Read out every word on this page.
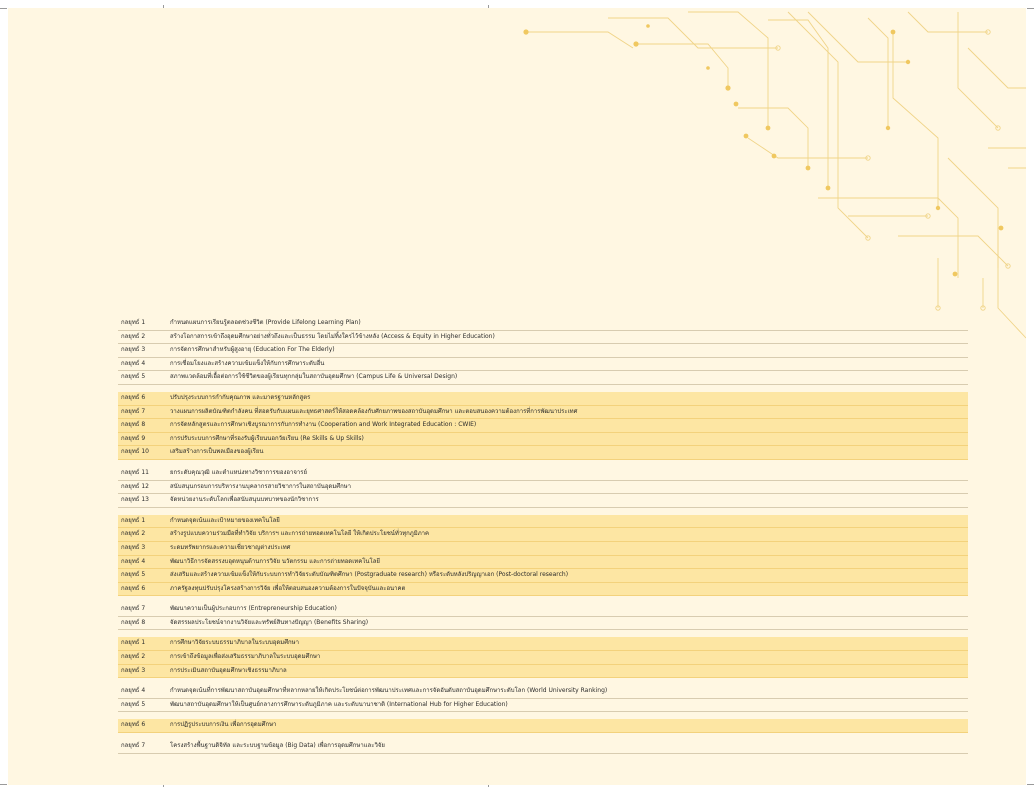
กลยุทธ์ 1	กำหนดแผนการเรียนรู้ตลอดช่วงชีวิต (Provide Lifelong Learning Plan)
กลยุทธ์ 2	สร้างโอกาสการเข้าถึงอุดมศึกษาอย่างทั่วถึงและเป็นธรรม โดยไม่ทิ้งใครไว้ข้างหลัง (Access & Equity in Higher Education)
กลยุทธ์ 3	การจัดการศึกษาสำหรับผู้สูงอายุ (Education For The Elderly)
กลยุทธ์ 4	การเชื่อมโยงและสร้างความเข้มแข็งให้กับการศึกษาระดับอื่น
กลยุทธ์ 5	สภาพแวดล้อมที่เอื้อต่อการใช้ชีวิตของผู้เรียนทุกกลุ่มในสถาบันอุดมศึกษา (Campus Life & Universal Design)
กลยุทธ์ 6	ปรับปรุงระบบการกำกับคุณภาพ และมาตรฐานหลักสูตร
กลยุทธ์ 7	วางแผนการผลิตบัณฑิตกำลังคน ที่สอดรับกับแผนและยุทธศาสตร์ให้สอดคล้องกับศักยภาพของสถาบันอุดมศึกษา และตอบสนองความต้องการที่การพัฒนาประเทศ
กลยุทธ์ 8	การจัดหลักสูตรและการศึกษาเชิงบูรณาการกับการทำงาน (Cooperation and Work Integrated Education : CWIE)
กลยุทธ์ 9	การปรับระบบการศึกษาที่รองรับผู้เรียนนอกวัยเรียน (Re Skills & Up Skills)
กลยุทธ์ 10	เสริมสร้างการเป็นพลเมืองของผู้เรียน
กลยุทธ์ 11	ยกระดับคุณวุฒิ และตำแหน่งทางวิชาการของอาจารย์
กลยุทธ์ 12	สนับสนุนกรอบการบริหารงานบุคลากรสายวิชาการในสถาบันอุดมศึกษา
กลยุทธ์ 13	จัดหน่วยงานระดับโลกเพื่อสนับสนุนบทบาทของนักวิชาการ
กลยุทธ์ 1	กำหนดจุดเน้นและเป้าหมายของเทคโนโลยี
กลยุทธ์ 2	สร้างรูปแบบความร่วมมือที่ทำวิจัย บริการฯ และการถ่ายทอดเทคโนโลยี ให้เกิดประโยชน์ทั่วทุกภูมิภาค
กลยุทธ์ 3	ระดมทรัพยากรและความเชี่ยวชาญต่างประเทศ
กลยุทธ์ 4	พัฒนาวิธีการจัดสรรงบอุดหนุนด้านการวิจัย นวัตกรรม และการถ่ายทอดเทคโนโลยี
กลยุทธ์ 5	ส่งเสริมและสร้างความเข้มแข็งให้กับระบบการทำวิจัยระดับบัณฑิตศึกษา (Postgraduate research) หรือระดับหลังปริญญาเอก (Post-doctoral research)
กลยุทธ์ 6	ภาครัฐลงทุนปรับปรุงโครงสร้างการวิจัย เพื่อให้ตอบสนองความต้องการในปัจจุบันและอนาคต
กลยุทธ์ 7	พัฒนาความเป็นผู้ประกอบการ (Entrepreneurship Education)
กลยุทธ์ 8	จัดสรรผลประโยชน์จากงานวิจัยและทรัพย์สินทางปัญญา (Benefits Sharing)
กลยุทธ์ 1	การศึกษาวิจัยระบบธรรมาภิบาลในระบบอุดมศึกษา
กลยุทธ์ 2	การเข้าถึงข้อมูลเพื่อส่งเสริมธรรมาภิบาลในระบบอุดมศึกษา
กลยุทธ์ 3	การประเมินสถาบันอุดมศึกษาเชิงธรรมาภิบาล
กลยุทธ์ 4	กำหนดจุดเน้นที่การพัฒนาสถาบันอุดมศึกษาที่หลากหลายให้เกิดประโยชน์ต่อการพัฒนาประเทศและการจัดอันดับสถาบันอุดมศึกษาระดับโลก (World University Ranking)
กลยุทธ์ 5	พัฒนาสถาบันอุดมศึกษาให้เป็นศูนย์กลางการศึกษาระดับภูมิภาค และระดับนานาชาติ (International Hub for Higher Education)
กลยุทธ์ 6	การปฏิรูประบบการเงิน เพื่อการอุดมศึกษา
กลยุทธ์ 7	โครงสร้างพื้นฐานดิจิทัล และระบบฐานข้อมูล (Big Data) เพื่อการอุดมศึกษาและวิจัย
